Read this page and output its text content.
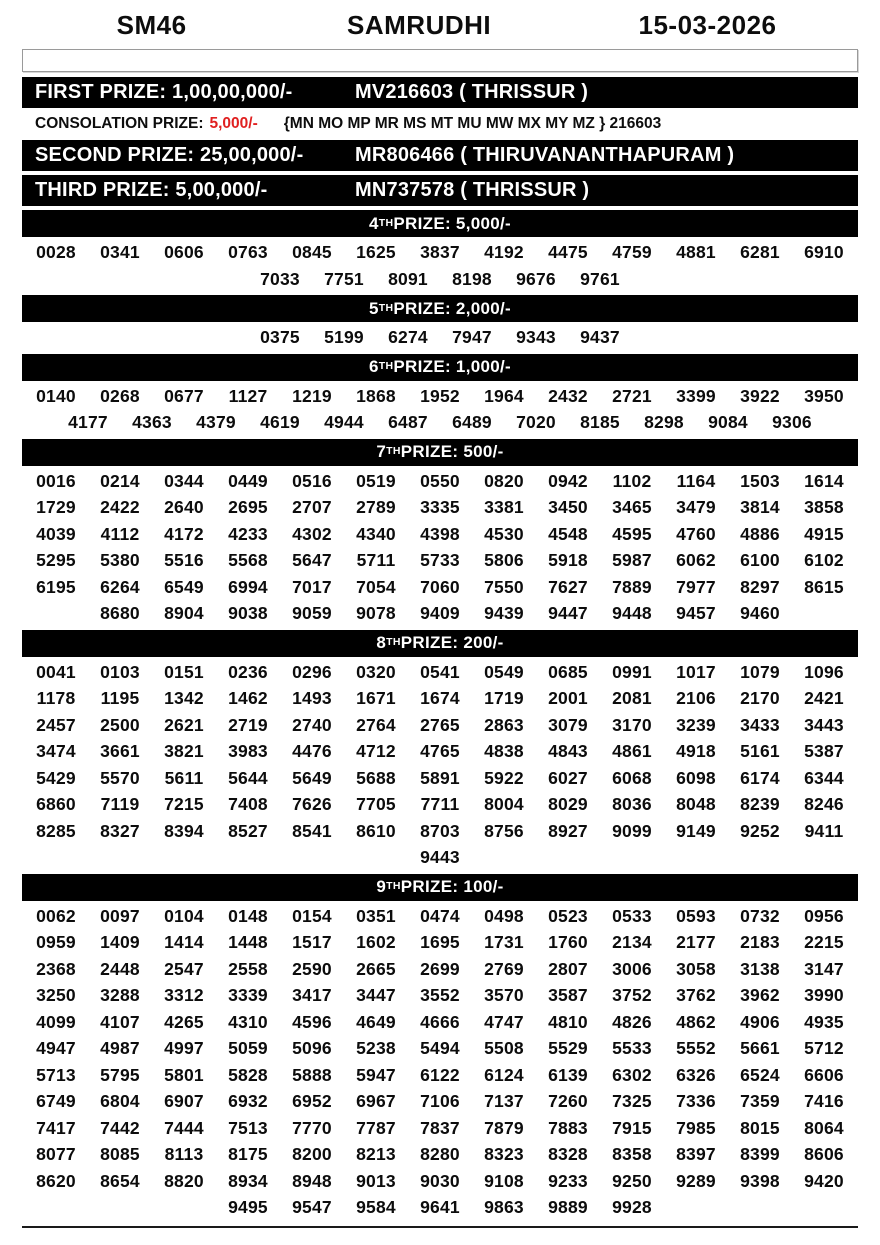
SM46	SAMRUDHI	15-03-2026
FIRST PRIZE: 1,00,00,000/-	MV216603 ( THRISSUR )
CONSOLATION PRIZE: 5,000/- {MN MO MP MR MS MT MU MW MX MY MZ } 216603
SECOND PRIZE: 25,00,000/-	MR806466 ( THIRUVANANTHAPURAM )
THIRD PRIZE: 5,00,000/-	MN737578 ( THRISSUR )
4TH PRIZE: 5,000/-
0028	0341	0606	0763	0845	1625	3837	4192	4475	4759	4881	6281	6910
7033	7751	8091	8198	9676	9761
5TH PRIZE: 2,000/-
0375	5199	6274	7947	9343	9437
6TH PRIZE: 1,000/-
0140	0268	0677	1127	1219	1868	1952	1964	2432	2721	3399	3922	3950
4177	4363	4379	4619	4944	6487	6489	7020	8185	8298	9084	9306
7TH PRIZE: 500/-
0016	0214	0344	0449	0516	0519	0550	0820	0942	1102	1164	1503	1614
1729	2422	2640	2695	2707	2789	3335	3381	3450	3465	3479	3814	3858
4039	4112	4172	4233	4302	4340	4398	4530	4548	4595	4760	4886	4915
5295	5380	5516	5568	5647	5711	5733	5806	5918	5987	6062	6100	6102
6195	6264	6549	6994	7017	7054	7060	7550	7627	7889	7977	8297	8615
8680	8904	9038	9059	9078	9409	9439	9447	9448	9457	9460
8TH PRIZE: 200/-
0041	0103	0151	0236	0296	0320	0541	0549	0685	0991	1017	1079	1096
1178	1195	1342	1462	1493	1671	1674	1719	2001	2081	2106	2170	2421
2457	2500	2621	2719	2740	2764	2765	2863	3079	3170	3239	3433	3443
3474	3661	3821	3983	4476	4712	4765	4838	4843	4861	4918	5161	5387
5429	5570	5611	5644	5649	5688	5891	5922	6027	6068	6098	6174	6344
6860	7119	7215	7408	7626	7705	7711	8004	8029	8036	8048	8239	8246
8285	8327	8394	8527	8541	8610	8703	8756	8927	9099	9149	9252	9411
9443
9TH PRIZE: 100/-
0062	0097	0104	0148	0154	0351	0474	0498	0523	0533	0593	0732	0956
0959	1409	1414	1448	1517	1602	1695	1731	1760	2134	2177	2183	2215
2368	2448	2547	2558	2590	2665	2699	2769	2807	3006	3058	3138	3147
3250	3288	3312	3339	3417	3447	3552	3570	3587	3752	3762	3962	3990
4099	4107	4265	4310	4596	4649	4666	4747	4810	4826	4862	4906	4935
4947	4987	4997	5059	5096	5238	5494	5508	5529	5533	5552	5661	5712
5713	5795	5801	5828	5888	5947	6122	6124	6139	6302	6326	6524	6606
6749	6804	6907	6932	6952	6967	7106	7137	7260	7325	7336	7359	7416
7417	7442	7444	7513	7770	7787	7837	7879	7883	7915	7985	8015	8064
8077	8085	8113	8175	8200	8213	8280	8323	8328	8358	8397	8399	8606
8620	8654	8820	8934	8948	9013	9030	9108	9233	9250	9289	9398	9420
9495	9547	9584	9641	9863	9889	9928
